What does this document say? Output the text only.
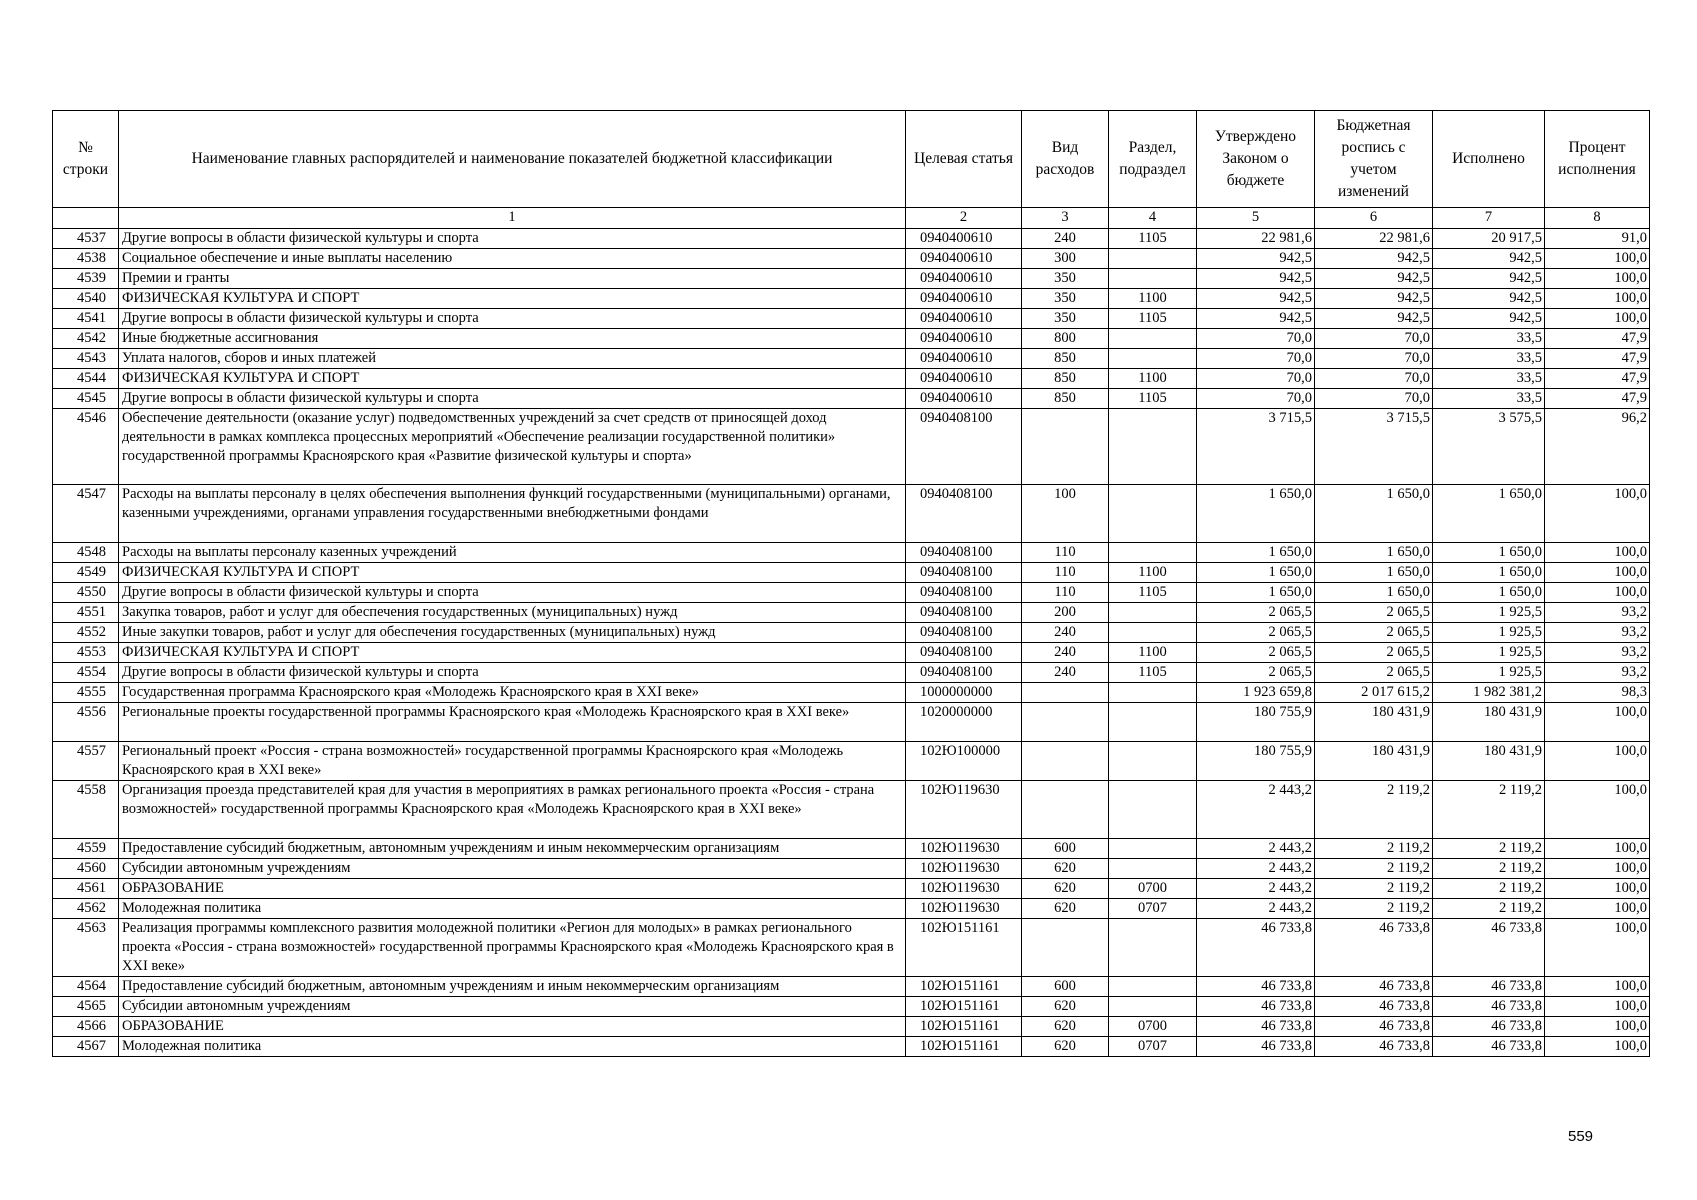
№ строки	Наименование главных распорядителей и наименование показателей бюджетной классификации	Целевая статья	Вид расходов	Раздел, подраздел	Утверждено Законом о бюджете	Бюджетная роспись с учетом изменений	Исполнено	Процент исполнения
	1	2	3	4	5	6	7	8
4537	Другие вопросы в области физической культуры и спорта	0940400610	240	1105	22 981,6	22 981,6	20 917,5	91,0
4538	Социальное обеспечение и иные выплаты населению	0940400610	300		942,5	942,5	942,5	100,0
4539	Премии и гранты	0940400610	350		942,5	942,5	942,5	100,0
4540	ФИЗИЧЕСКАЯ КУЛЬТУРА И СПОРТ	0940400610	350	1100	942,5	942,5	942,5	100,0
4541	Другие вопросы в области физической культуры и спорта	0940400610	350	1105	942,5	942,5	942,5	100,0
4542	Иные бюджетные ассигнования	0940400610	800		70,0	70,0	33,5	47,9
4543	Уплата налогов, сборов и иных платежей	0940400610	850		70,0	70,0	33,5	47,9
4544	ФИЗИЧЕСКАЯ КУЛЬТУРА И СПОРТ	0940400610	850	1100	70,0	70,0	33,5	47,9
4545	Другие вопросы в области физической культуры и спорта	0940400610	850	1105	70,0	70,0	33,5	47,9
4546	Обеспечение деятельности (оказание услуг) подведомственных учреждений за счет средств от приносящей доход деятельности в рамках комплекса процессных мероприятий «Обеспечение реализации государственной политики» государственной программы Красноярского края «Развитие физической культуры и спорта»	0940408100			3 715,5	3 715,5	3 575,5	96,2
4547	Расходы на выплаты персоналу в целях обеспечения выполнения функций государственными (муниципальными) органами, казенными учреждениями, органами управления государственными внебюджетными фондами	0940408100	100		1 650,0	1 650,0	1 650,0	100,0
4548	Расходы на выплаты персоналу казенных учреждений	0940408100	110		1 650,0	1 650,0	1 650,0	100,0
4549	ФИЗИЧЕСКАЯ КУЛЬТУРА И СПОРТ	0940408100	110	1100	1 650,0	1 650,0	1 650,0	100,0
4550	Другие вопросы в области физической культуры и спорта	0940408100	110	1105	1 650,0	1 650,0	1 650,0	100,0
4551	Закупка товаров, работ и услуг для обеспечения государственных (муниципальных) нужд	0940408100	200		2 065,5	2 065,5	1 925,5	93,2
4552	Иные закупки товаров, работ и услуг для обеспечения государственных (муниципальных) нужд	0940408100	240		2 065,5	2 065,5	1 925,5	93,2
4553	ФИЗИЧЕСКАЯ КУЛЬТУРА И СПОРТ	0940408100	240	1100	2 065,5	2 065,5	1 925,5	93,2
4554	Другие вопросы в области физической культуры и спорта	0940408100	240	1105	2 065,5	2 065,5	1 925,5	93,2
4555	Государственная программа Красноярского края «Молодежь Красноярского края в XXI веке»	1000000000			1 923 659,8	2 017 615,2	1 982 381,2	98,3
4556	Региональные проекты государственной программы Красноярского края «Молодежь Красноярского края в XXI веке»	1020000000			180 755,9	180 431,9	180 431,9	100,0
4557	Региональный проект «Россия - страна возможностей» государственной программы Красноярского края «Молодежь Красноярского края в XXI веке»	102Ю100000			180 755,9	180 431,9	180 431,9	100,0
4558	Организация проезда представителей края для участия в мероприятиях в рамках регионального проекта «Россия - страна возможностей» государственной программы Красноярского края «Молодежь Красноярского края в XXI веке»	102Ю119630			2 443,2	2 119,2	2 119,2	100,0
4559	Предоставление субсидий бюджетным, автономным учреждениям и иным некоммерческим организациям	102Ю119630	600		2 443,2	2 119,2	2 119,2	100,0
4560	Субсидии автономным учреждениям	102Ю119630	620		2 443,2	2 119,2	2 119,2	100,0
4561	ОБРАЗОВАНИЕ	102Ю119630	620	0700	2 443,2	2 119,2	2 119,2	100,0
4562	Молодежная политика	102Ю119630	620	0707	2 443,2	2 119,2	2 119,2	100,0
4563	Реализация программы комплексного развития молодежной политики «Регион для молодых» в рамках регионального проекта «Россия - страна возможностей» государственной программы Красноярского края «Молодежь Красноярского края в XXI веке»	102Ю151161			46 733,8	46 733,8	46 733,8	100,0
4564	Предоставление субсидий бюджетным, автономным учреждениям и иным некоммерческим организациям	102Ю151161	600		46 733,8	46 733,8	46 733,8	100,0
4565	Субсидии автономным учреждениям	102Ю151161	620		46 733,8	46 733,8	46 733,8	100,0
4566	ОБРАЗОВАНИЕ	102Ю151161	620	0700	46 733,8	46 733,8	46 733,8	100,0
4567	Молодежная политика	102Ю151161	620	0707	46 733,8	46 733,8	46 733,8	100,0
559
